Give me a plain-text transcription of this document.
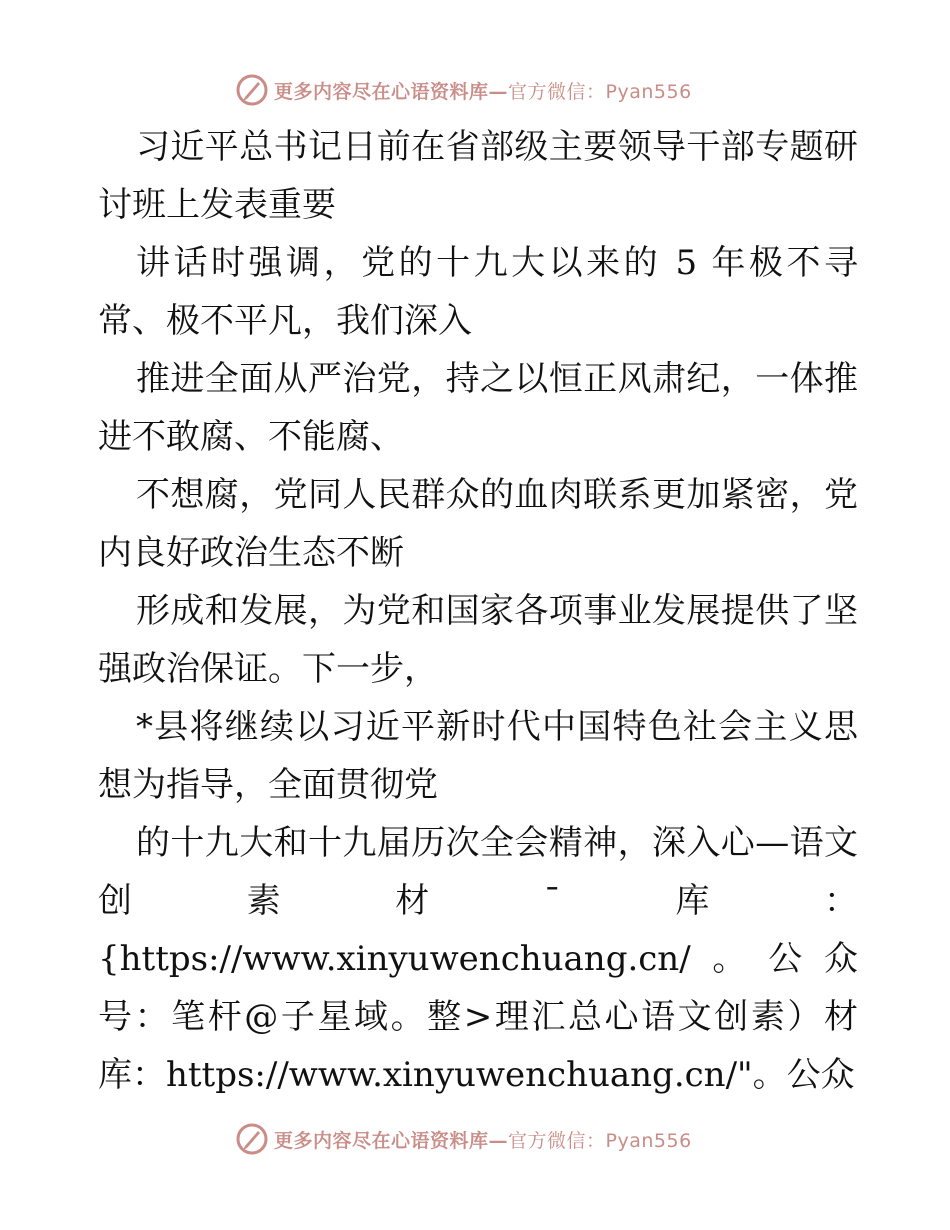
更多内容尽在心语资料库—官方微信：Pyan556

习近平总书记日前在省部级主要领导干部专题研讨班上发表重要

讲话时强调，党的十九大以来的 5 年极不寻常、极不平凡，我们深入

推进全面从严治党，持之以恒正风肃纪，一体推进不敢腐、不能腐、

不想腐，党同人民群众的血肉联系更加紧密，党内良好政治生态不断

形成和发展，为党和国家各项事业发展提供了坚强政治保证。下一步，

*县将继续以习近平新时代中国特色社会主义思想为指导，全面贯彻党

的十九大和十九届历次全会精神，深入心—语文创素材¯库：{https://www.xinyuwenchuang.cn/。公众号：笔杆@子星域。整>理汇总心语文创素）材库：https://www.xinyuwenchuang.cn/"。公众

更多内容尽在心语资料库—官方微信：Pyan556
